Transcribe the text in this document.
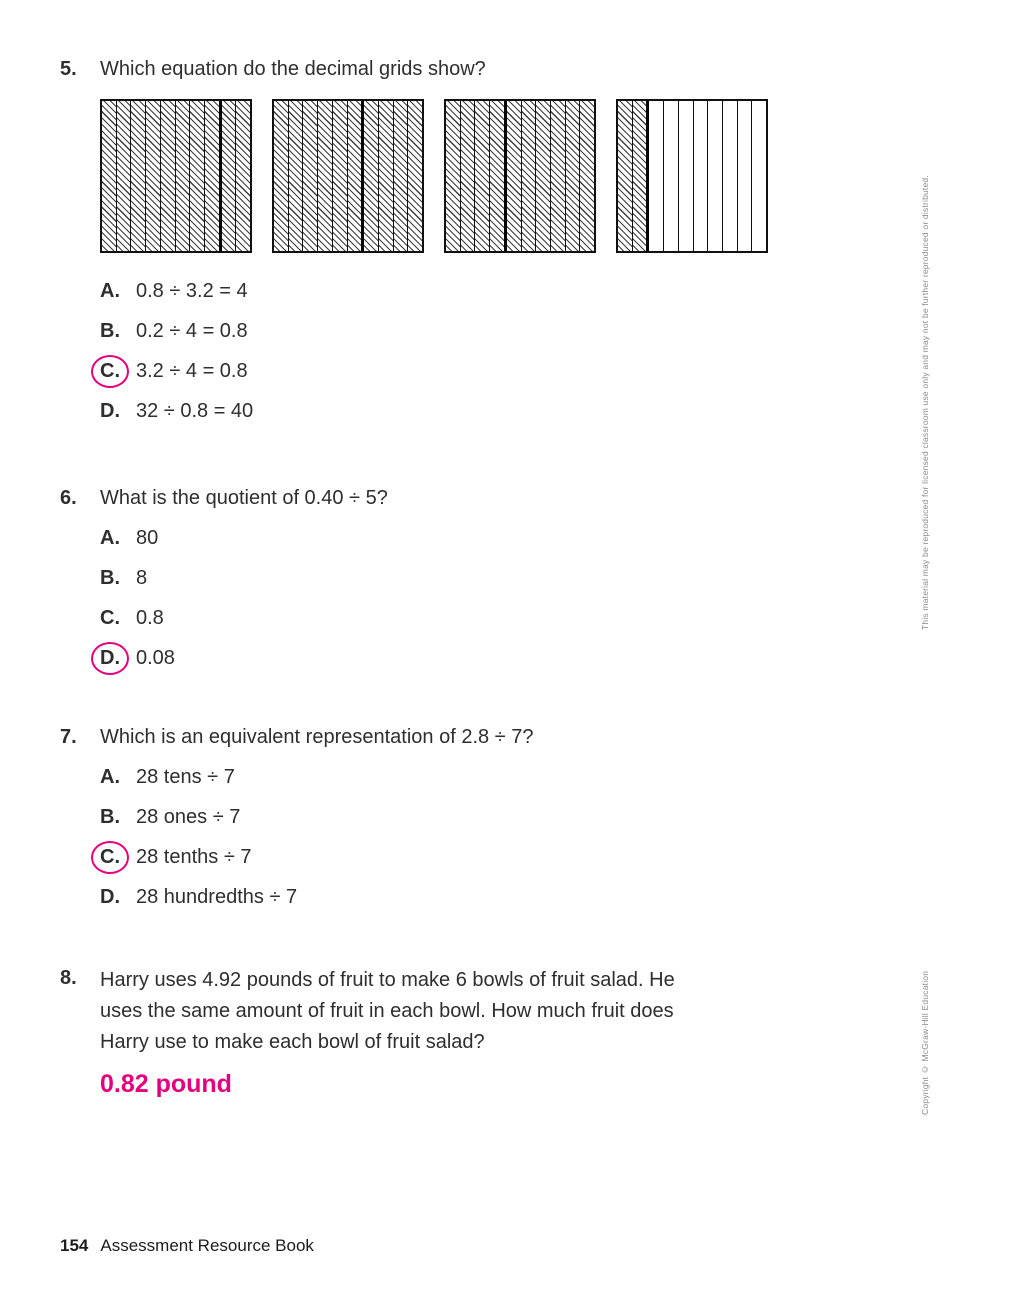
5.	Which equation do the decimal grids show?
A. 0.8 ÷ 3.2 = 4
B. 0.2 ÷ 4 = 0.8
C. 3.2 ÷ 4 = 0.8
D. 32 ÷ 0.8 = 40
6.	What is the quotient of 0.40 ÷ 5?
A. 80
B. 8
C. 0.8
D. 0.08
7.	Which is an equivalent representation of 2.8 ÷ 7?
A. 28 tens ÷ 7
B. 28 ones ÷ 7
C. 28 tenths ÷ 7
D. 28 hundredths ÷ 7
8.	Harry uses 4.92 pounds of fruit to make 6 bowls of fruit salad. He uses the same amount of fruit in each bowl. How much fruit does Harry use to make each bowl of fruit salad?
0.82 pound
This material may be reproduced for licensed classroom use only and may not be further reproduced or distributed.
Copyright © McGraw-Hill Education
154 Assessment Resource Book
